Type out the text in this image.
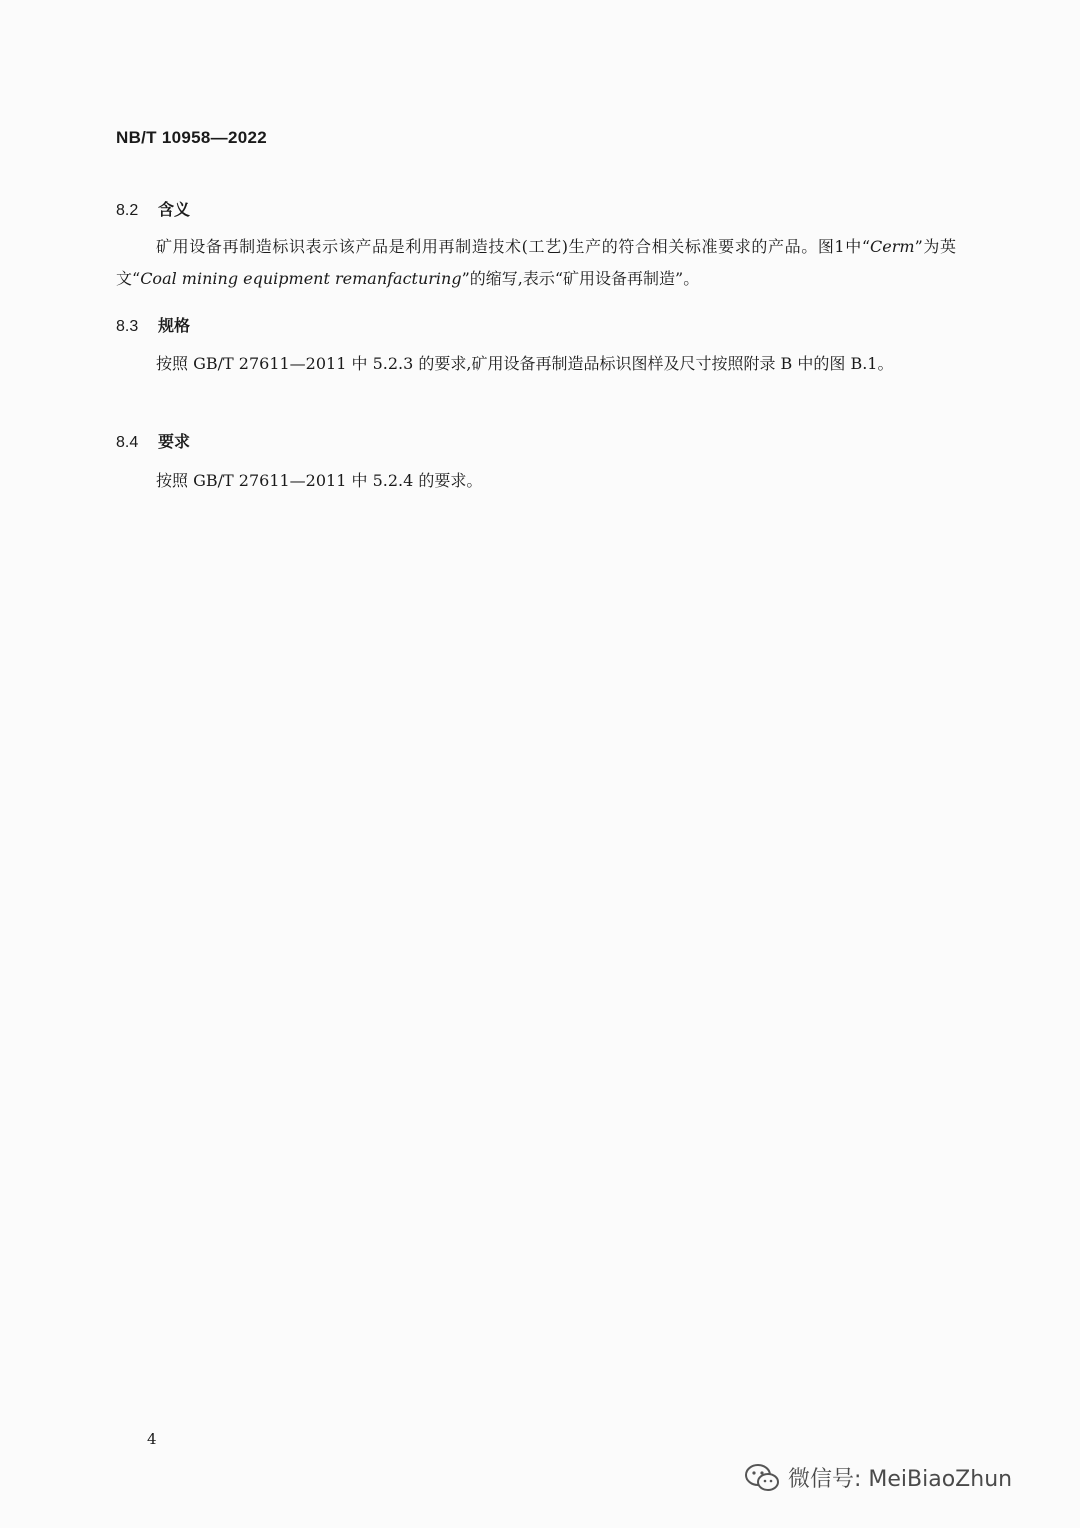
NB/T 10958—2022
8.2 含义
矿用设备再制造标识表示该产品是利用再制造技术(工艺)生产的符合相关标准要求的产品。图1中“Cerm”为英文“Coal mining equipment remanfacturing”的缩写,表示“矿用设备再制造”。
8.3 规格
按照 GB/T 27611—2011 中 5.2.3 的要求,矿用设备再制造品标识图样及尺寸按照附录 B 中的图 B.1。
8.4 要求
按照 GB/T 27611—2011 中 5.2.4 的要求。
4
微信号: MeiBiaoZhun
